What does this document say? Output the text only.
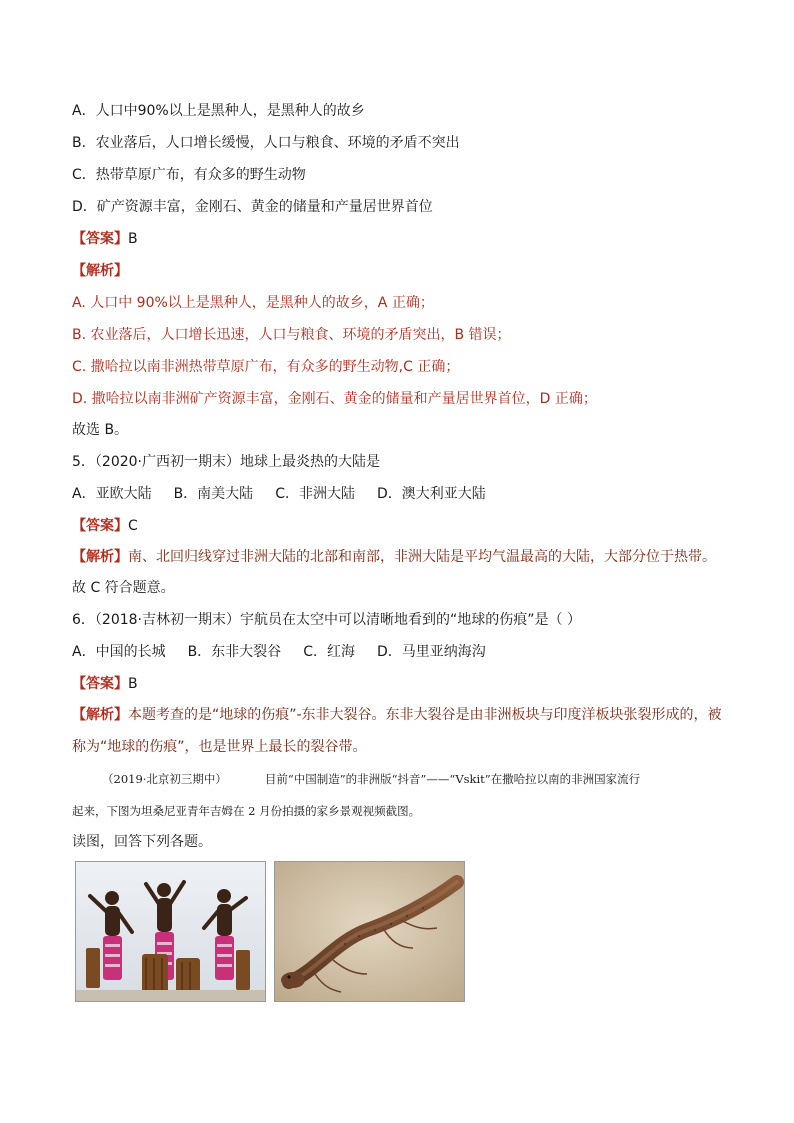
A．人口中90%以上是黑种人，是黑种人的故乡
B．农业落后，人口增长缓慢，人口与粮食、环境的矛盾不突出
C．热带草原广布，有众多的野生动物
D．矿产资源丰富，金刚石、黄金的储量和产量居世界首位
【答案】B
【解析】
A. 人口中 90%以上是黑种人，是黑种人的故乡，A 正确；
B. 农业落后，人口增长迅速，人口与粮食、环境的矛盾突出，B 错误；
C. 撒哈拉以南非洲热带草原广布，有众多的野生动物,C 正确；
D. 撒哈拉以南非洲矿产资源丰富，金刚石、黄金的储量和产量居世界首位，D 正确；
故选 B。
5．（2020·广西初一期末）地球上最炎热的大陆是
A．亚欧大陆 B．南美大陆 C．非洲大陆 D．澳大利亚大陆
【答案】C
【解析】南、北回归线穿过非洲大陆的北部和南部，非洲大陆是平均气温最高的大陆，大部分位于热带。
故 C 符合题意。
6．（2018·吉林初一期末）宇航员在太空中可以清晰地看到的“地球的伤痕”是（ ）
A．中国的长城 B．东非大裂谷 C．红海 D．马里亚纳海沟
【答案】B
【解析】本题考查的是“地球的伤痕”-东非大裂谷。东非大裂谷是由非洲板块与印度洋板块张裂形成的，被
称为“地球的伤痕”，也是世界上最长的裂谷带。
（2019·北京初三期中）	目前“中国制造”的非洲版“抖音”——“Vskit”在撒哈拉以南的非洲国家流行
起来，下图为坦桑尼亚青年吉姆在 2 月份拍摄的家乡景观视频截图。
读图，回答下列各题。
